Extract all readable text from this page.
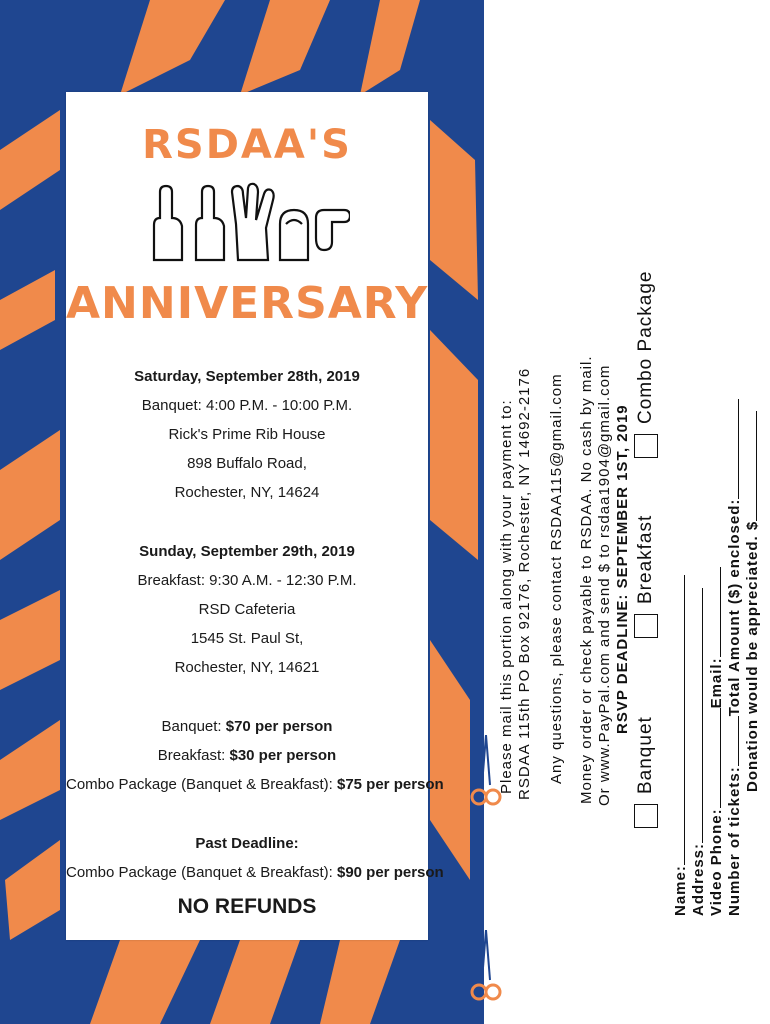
RSDAA'S
ANNIVERSARY
Saturday, September 28th, 2019
Banquet: 4:00 P.M. - 10:00 P.M.
Rick's Prime Rib House
898 Buffalo Road,
Rochester, NY, 14624
Sunday, September 29th, 2019
Breakfast: 9:30 A.M. - 12:30 P.M.
RSD Cafeteria
1545 St. Paul St,
Rochester, NY, 14621
Banquet: $70 per person
Breakfast: $30 per person
Combo Package (Banquet & Breakfast): $75 per person
Past Deadline:
Combo Package (Banquet & Breakfast): $90 per person
NO REFUNDS
Please mail this portion along with your payment to: RSDAA 115th PO Box 92176, Rochester, NY 14692-2176 Any questions, please contact RSDAA115@gmail.com Money order or check payable to RSDAA. No cash by mail. Or www.PayPal.com and send $ to rsdaa1904@gmail.com RSVP DEADLINE: SEPTEMBER 1ST, 2019
Banquet
Breakfast
Combo Package
Name: Address: Video Phone:Email:
Number of tickets:Total Amount ($) enclosed: Donation would be appreciated. $
